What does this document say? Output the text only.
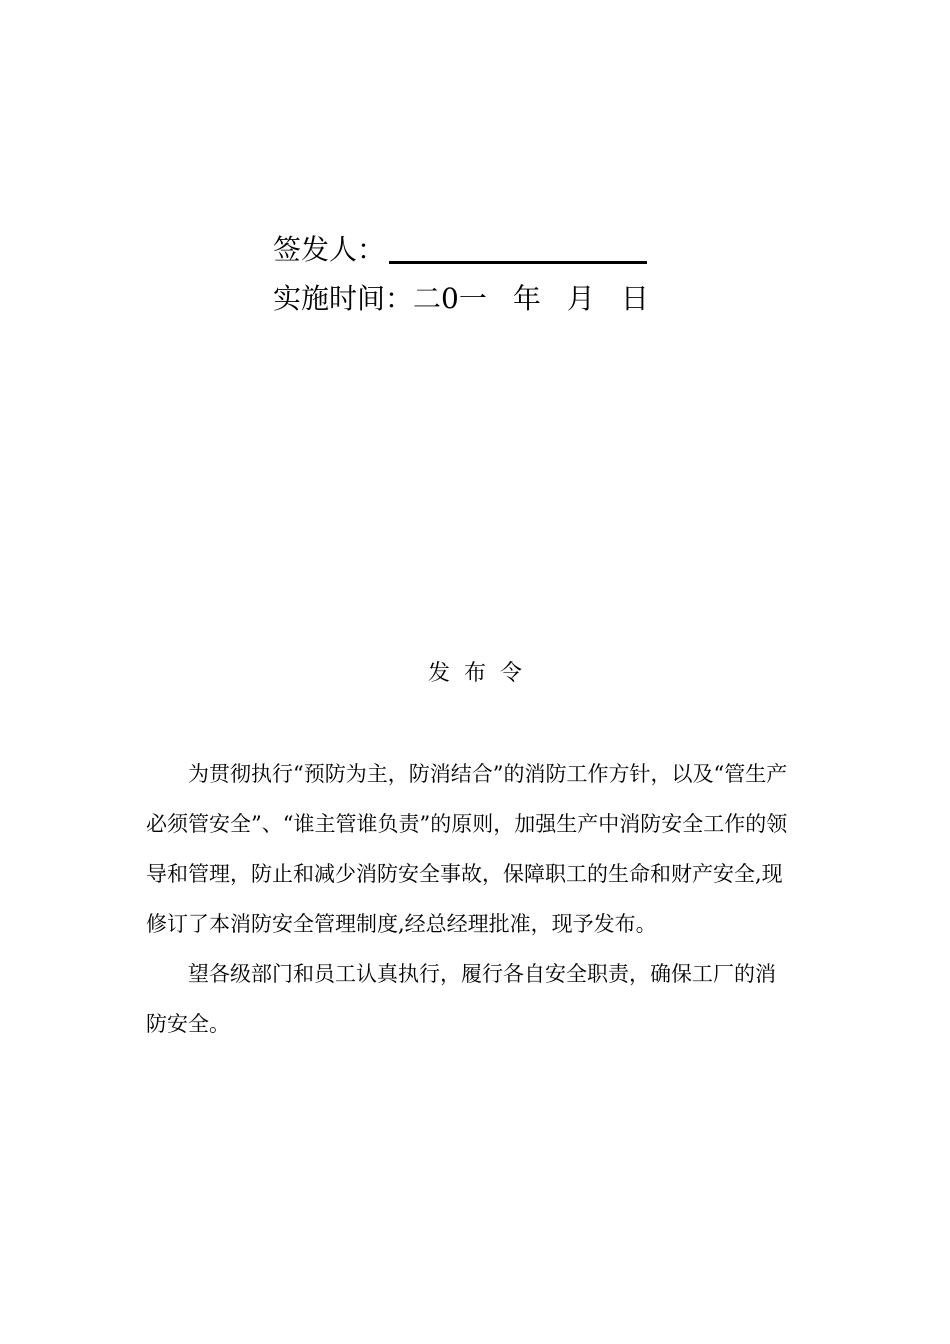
签发人：
实施时间：二0一 年 月 日
发布令

为贯彻执行“预防为主，防消结合”的消防工作方针，以及“管生产必须管安全”、“谁主管谁负责”的原则，加强生产中消防安全工作的领导和管理，防止和减少消防安全事故，保障职工的生命和财产安全,现修订了本消防安全管理制度,经总经理批准，现予发布。

望各级部门和员工认真执行，履行各自安全职责，确保工厂的消防安全。
